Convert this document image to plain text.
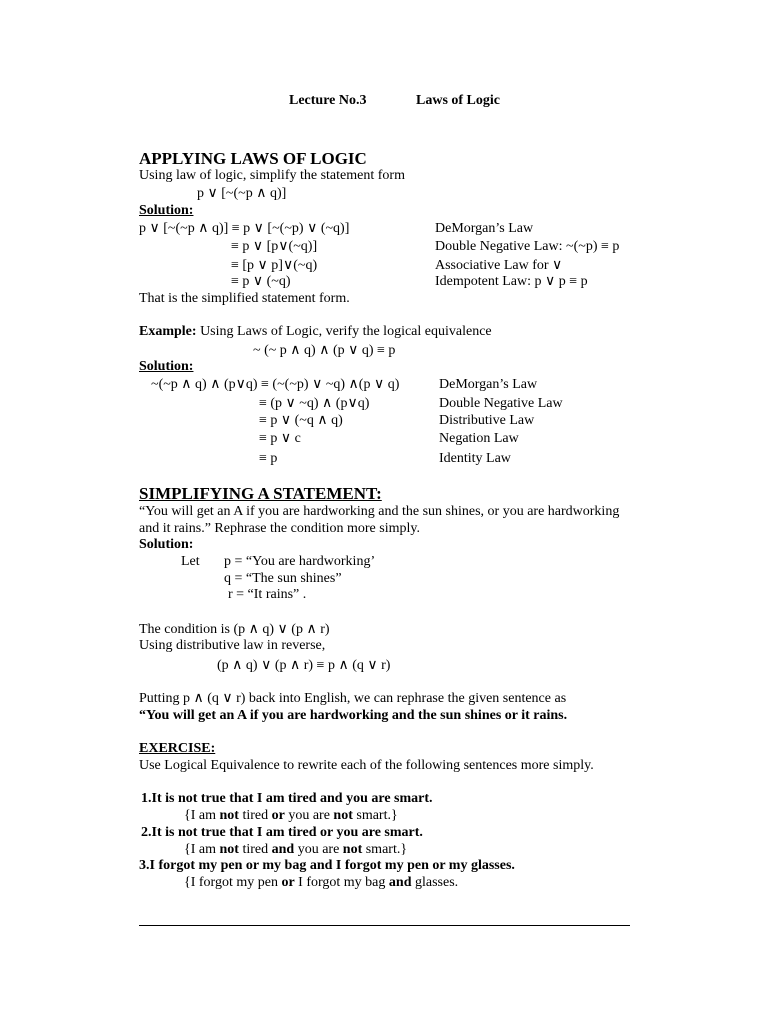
Lecture No.3	Laws of Logic
APPLYING LAWS OF LOGIC
Using law of logic, simplify the statement form
p ∨ [~(~p ∧ q)]
Solution:
p ∨ [~(~p ∧ q)] ≡ p ∨ [~(~p) ∨ (~q)]	DeMorgan’s Law
≡ p ∨ [p∨(~q)]	Double Negative Law: ~(~p) ≡ p
≡ [p ∨ p]∨(~q)	Associative Law for ∨
≡ p ∨ (~q)	Idempotent Law: p ∨ p ≡ p
That is the simplified statement form.
Example: Using Laws of Logic, verify the logical equivalence
~ (~ p ∧ q) ∧ (p ∨ q) ≡ p
Solution:
~(~p ∧ q) ∧ (p∨q) ≡ (~(~p) ∨ ~q) ∧(p ∨ q)	DeMorgan’s Law
≡ (p ∨ ~q) ∧ (p∨q)	Double Negative Law
≡ p ∨ (~q ∧ q)	Distributive Law
≡ p ∨ c	Negation Law
≡ p	Identity Law
SIMPLIFYING A STATEMENT:
“You will get an A if you are hardworking and the sun shines, or you are hardworking
and it rains.” Rephrase the condition more simply.
Solution:
Let p = “You are hardworking’
q = “The sun shines”
r = “It rains” .
The condition is (p ∧ q) ∨ (p ∧ r)
Using distributive law in reverse,
(p ∧ q) ∨ (p ∧ r) ≡ p ∧ (q ∨ r)
Putting p ∧ (q ∨ r) back into English, we can rephrase the given sentence as
“You will get an A if you are hardworking and the sun shines or it rains.
EXERCISE:
Use Logical Equivalence to rewrite each of the following sentences more simply.
1.It is not true that I am tired and you are smart.
{I am not tired or you are not smart.}
2.It is not true that I am tired or you are smart.
{I am not tired and you are not smart.}
3.I forgot my pen or my bag and I forgot my pen or my glasses.
{I forgot my pen or I forgot my bag and glasses.
